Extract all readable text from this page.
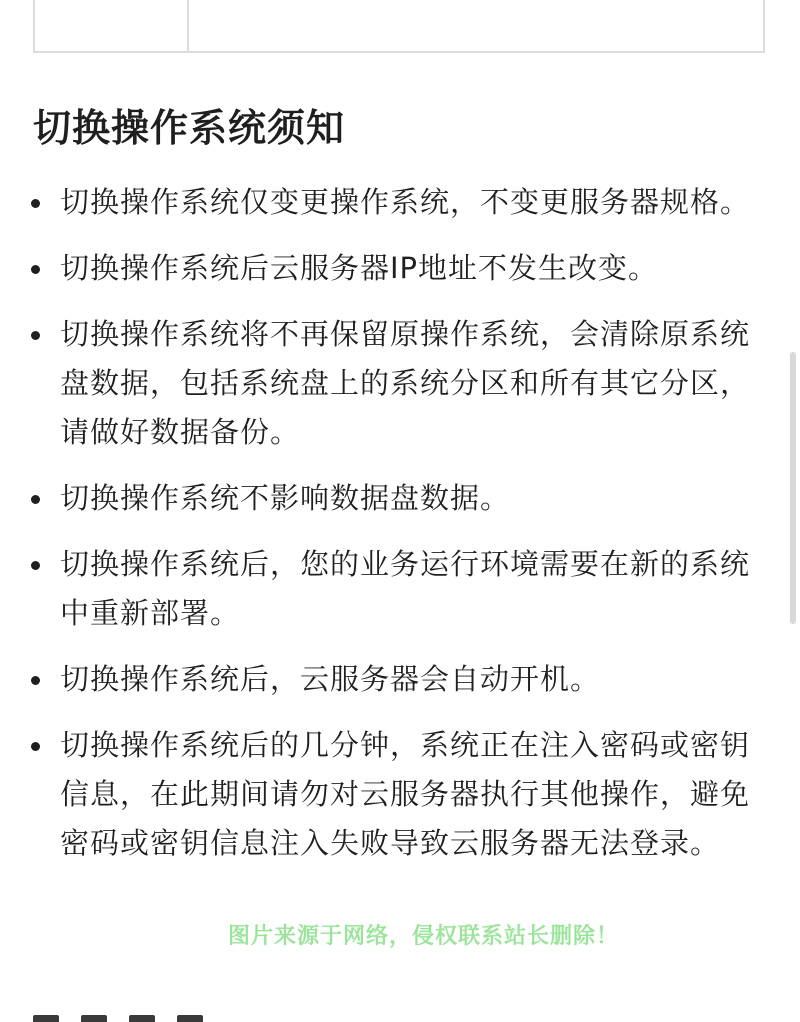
切换操作系统须知
切换操作系统仅变更操作系统，不变更服务器规格。
切换操作系统后云服务器IP地址不发生改变。
切换操作系统将不再保留原操作系统，会清除原系统盘数据，包括系统盘上的系统分区和所有其它分区，请做好数据备份。
切换操作系统不影响数据盘数据。
切换操作系统后，您的业务运行环境需要在新的系统中重新部署。
切换操作系统后，云服务器会自动开机。
切换操作系统后的几分钟，系统正在注入密码或密钥信息，在此期间请勿对云服务器执行其他操作，避免密码或密钥信息注入失败导致云服务器无法登录。
图片来源于网络，侵权联系站长删除！
